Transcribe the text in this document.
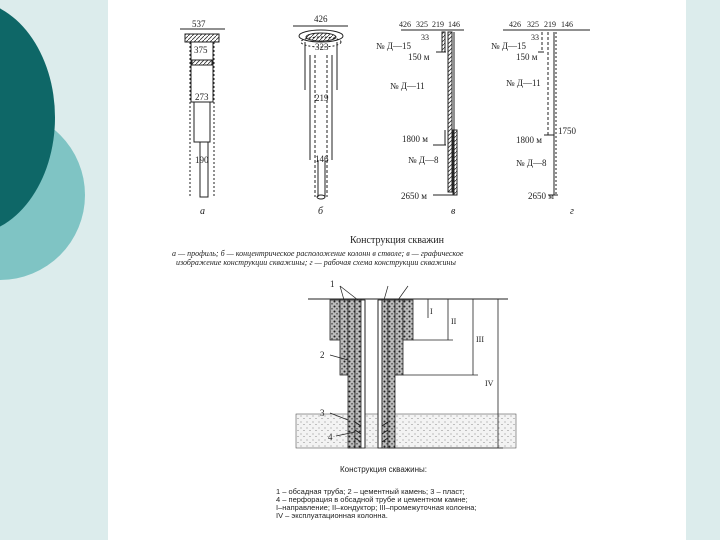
537
375
273
190
а
426
323
219
146
б
426 325 219 146
№ Д—15
33
150 м
№ Д—11
1800 м
№ Д—8
2650 м
в
426 325 219 146
№ Д—15
33
150 м
№ Д—11
1750
1800 м
№ Д—8
2650 м
г
Конструкция скважин
а — профиль; б — концентрическое расположение колонн в стволе; в — графическое
изображение конструкции скважины; г — рабочая схема конструкции скважины
1
2
3
4
I
II
III
IV
Конструкция скважины:
1 – обсадная труба; 2 – цементный камень; 3 – пласт;
4 – перфорация в обсадной трубе и цементном камне;
I–направление; II–кондуктор; III–промежуточная колонна;
IV – эксплуатационная колонна.
